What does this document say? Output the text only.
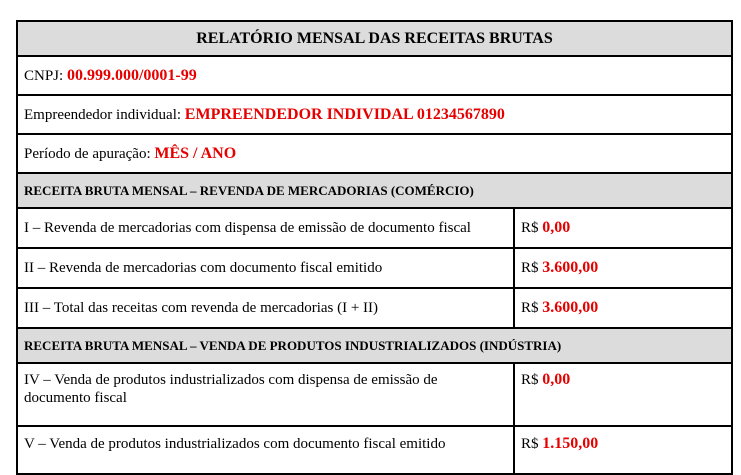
RELATÓRIO MENSAL DAS RECEITAS BRUTAS	
CNPJ: 00.999.000/0001-99	
Empreendedor individual: EMPREENDEDOR INDIVIDAL 01234567890	
Período de apuração: MÊS / ANO	
RECEITA BRUTA MENSAL – REVENDA DE MERCADORIAS (COMÉRCIO)	
I – Revenda de mercadorias com dispensa de emissão de documento fiscal	R$ 0,00
II – Revenda de mercadorias com documento fiscal emitido	R$ 3.600,00
III – Total das receitas com revenda de mercadorias (I + II)	R$ 3.600,00
RECEITA BRUTA MENSAL – VENDA DE PRODUTOS INDUSTRIALIZADOS (INDÚSTRIA)	
IV – Venda de produtos industrializados com dispensa de emissão de documento fiscal	R$ 0,00
V – Venda de produtos industrializados com documento fiscal emitido	R$ 1.150,00
